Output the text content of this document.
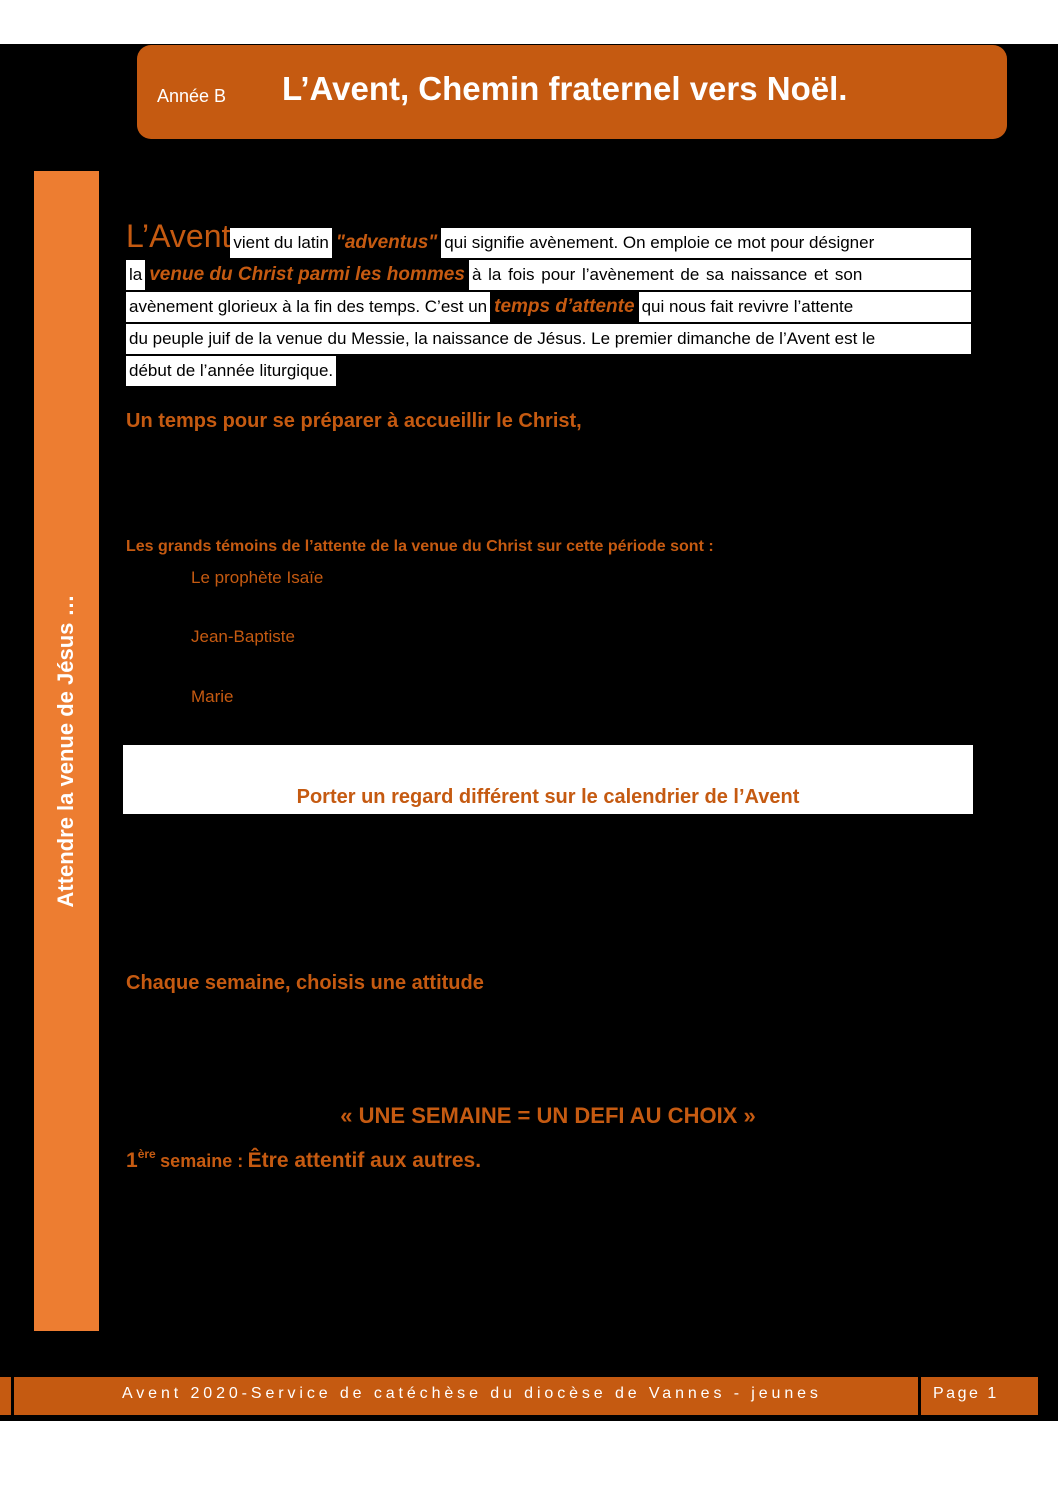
Année B L’Avent, Chemin fraternel vers Noël.
Attendre la venue de Jésus …
L’Avent vient du latin "adventus" qui signifie avènement. On emploie ce mot pour désigner
la venue du Christ parmi les hommes à la fois pour l’avènement de sa naissance et son
avènement glorieux à la fin des temps. C’est un temps d’attente qui nous fait revivre l’attente
du peuple juif de la venue du Messie, la naissance de Jésus. Le premier dimanche de l’Avent est le
début de l’année liturgique.
Un temps pour se préparer à accueillir le Christ,
Les grands témoins de l’attente de la venue du Christ sur cette période sont :
Le prophète Isaïe
Jean-Baptiste
Marie
Porter un regard différent sur le calendrier de l’Avent
Chaque semaine, choisis une attitude
« UNE SEMAINE = UN DEFI AU CHOIX »
1ère semaine : Être attentif aux autres.
Avent 2020-Service de catéchèse du diocèse de Vannes - jeunes	Page 1
